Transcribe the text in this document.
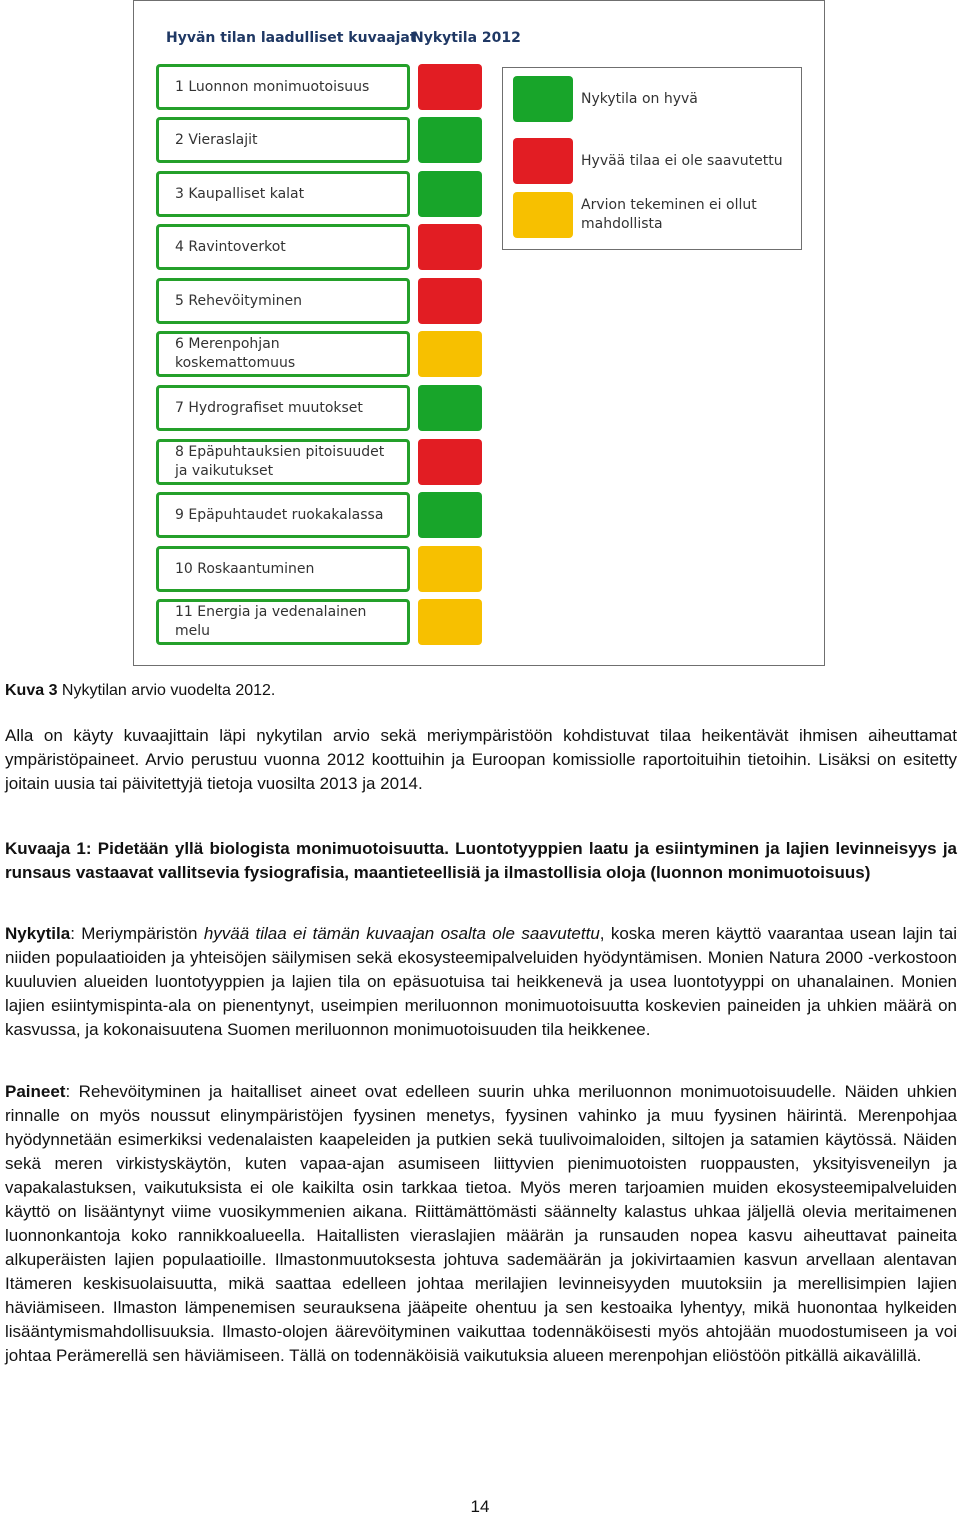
Hyvän tilan laadulliset kuvaajat
Nykytila 2012
1 Luonnon monimuotoisuus
2 Vieraslajit
3 Kaupalliset kalat
4 Ravintoverkot
5 Rehevöityminen
6 Merenpohjan koskemattomuus
7 Hydrografiset muutokset
8 Epäpuhtauksien pitoisuudet ja vaikutukset
9 Epäpuhtaudet ruokakalassa
10 Roskaantuminen
11 Energia ja vedenalainen melu
Nykytila on hyvä
Hyvää tilaa ei ole saavutettu
Arvion tekeminen ei ollut mahdollista
Kuva 3 Nykytilan arvio vuodelta 2012.

Alla on käyty kuvaajittain läpi nykytilan arvio sekä meriympäristöön kohdistuvat tilaa heikentävät ihmisen aiheuttamat ympäristöpaineet. Arvio perustuu vuonna 2012 koottuihin ja Euroopan komissiolle raportoituihin tietoihin. Lisäksi on esitetty joitain uusia tai päivitettyjä tietoja vuosilta 2013 ja 2014.

Kuvaaja 1: Pidetään yllä biologista monimuotoisuutta. Luontotyyppien laatu ja esiintyminen ja lajien levinneisyys ja runsaus vastaavat vallitsevia fysiografisia, maantieteellisiä ja ilmastollisia oloja (luonnon monimuotoisuus)

Nykytila: Meriympäristön hyvää tilaa ei tämän kuvaajan osalta ole saavutettu, koska meren käyttö vaarantaa usean lajin tai niiden populaatioiden ja yhteisöjen säilymisen sekä ekosysteemipalveluiden hyödyntämisen. Monien Natura 2000 -verkostoon kuuluvien alueiden luontotyyppien ja lajien tila on epäsuotuisa tai heikkenevä ja usea luontotyyppi on uhanalainen. Monien lajien esiintymispinta-ala on pienentynyt, useimpien meriluonnon monimuotoisuutta koskevien paineiden ja uhkien määrä on kasvussa, ja kokonaisuutena Suomen meriluonnon monimuotoisuuden tila heikkenee.

Paineet: Rehevöityminen ja haitalliset aineet ovat edelleen suurin uhka meriluonnon monimuotoisuudelle. Näiden uhkien rinnalle on myös noussut elinympäristöjen fyysinen menetys, fyysinen vahinko ja muu fyysinen häirintä. Merenpohjaa hyödynnetään esimerkiksi vedenalaisten kaapeleiden ja putkien sekä tuulivoimaloiden, siltojen ja satamien käytössä. Näiden sekä meren virkistyskäytön, kuten vapaa-ajan asumiseen liittyvien pienimuotoisten ruoppausten, yksityisveneilyn ja vapakalastuksen, vaikutuksista ei ole kaikilta osin tarkkaa tietoa. Myös meren tarjoamien muiden ekosysteemipalveluiden käyttö on lisääntynyt viime vuosikymmenien aikana. Riittämättömästi säännelty kalastus uhkaa jäljellä olevia meritaimenen luonnonkantoja koko rannikkoalueella. Haitallisten vieraslajien määrän ja runsauden nopea kasvu aiheuttavat paineita alkuperäisten lajien populaatioille. Ilmastonmuutoksesta johtuva sademäärän ja jokivirtaamien kasvun arvellaan alentavan Itämeren keskisuolaisuutta, mikä saattaa edelleen johtaa merilajien levinneisyyden muutoksiin ja merellisimpien lajien häviämiseen. Ilmaston lämpenemisen seurauksena jääpeite ohentuu ja sen kestoaika lyhentyy, mikä huonontaa hylkeiden lisääntymismahdollisuuksia. Ilmasto-olojen äärevöityminen vaikuttaa todennäköisesti myös ahtojään muodostumiseen ja voi johtaa Perämerellä sen häviämiseen. Tällä on todennäköisiä vaikutuksia alueen merenpohjan eliöstöön pitkällä aikavälillä.

14
